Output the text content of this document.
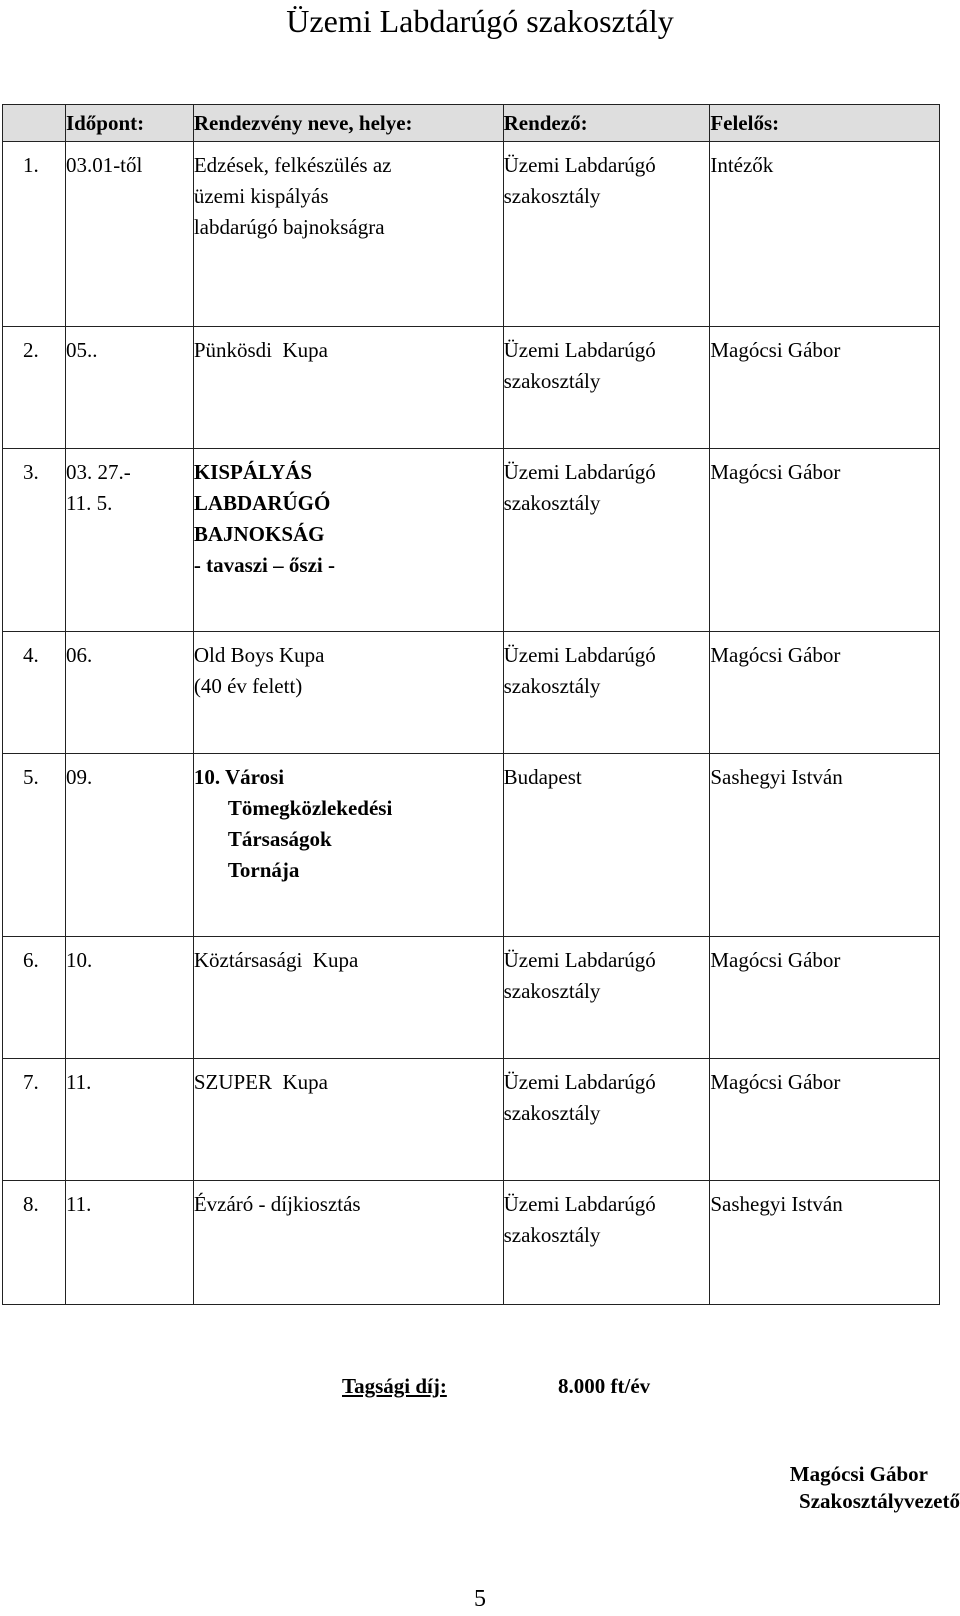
Üzemi Labdarúgó szakosztály
	Időpont:	Rendezvény neve, helye:	Rendező:	Felelős:
1.	03.01-től	Edzések, felkészülés az
üzemi kispályás
labdarúgó bajnokságra	Üzemi Labdarúgó
szakosztály	Intézők
2.	05..	Pünkösdi  Kupa	Üzemi Labdarúgó
szakosztály	Magócsi Gábor
3.	03. 27.-
11. 5.	KISPÁLYÁS
LABDARÚGÓ
BAJNOKSÁG
- tavaszi – őszi -	Üzemi Labdarúgó
szakosztály	Magócsi Gábor
4.	06.	Old Boys Kupa
(40 év felett)	Üzemi Labdarúgó
szakosztály	Magócsi Gábor
5.	09.	10. Városi
Tömegközlekedési
Társaságok
Tornája	Budapest	Sashegyi István
6.	10.	Köztársasági  Kupa	Üzemi Labdarúgó
szakosztály	Magócsi Gábor
7.	11.	SZUPER  Kupa	Üzemi Labdarúgó
szakosztály	Magócsi Gábor
8.	11.	Évzáró - díjkiosztás	Üzemi Labdarúgó
szakosztály	Sashegyi István
Tagsági díj:	8.000 ft/év
Magócsi Gábor
Szakosztályvezető
5
